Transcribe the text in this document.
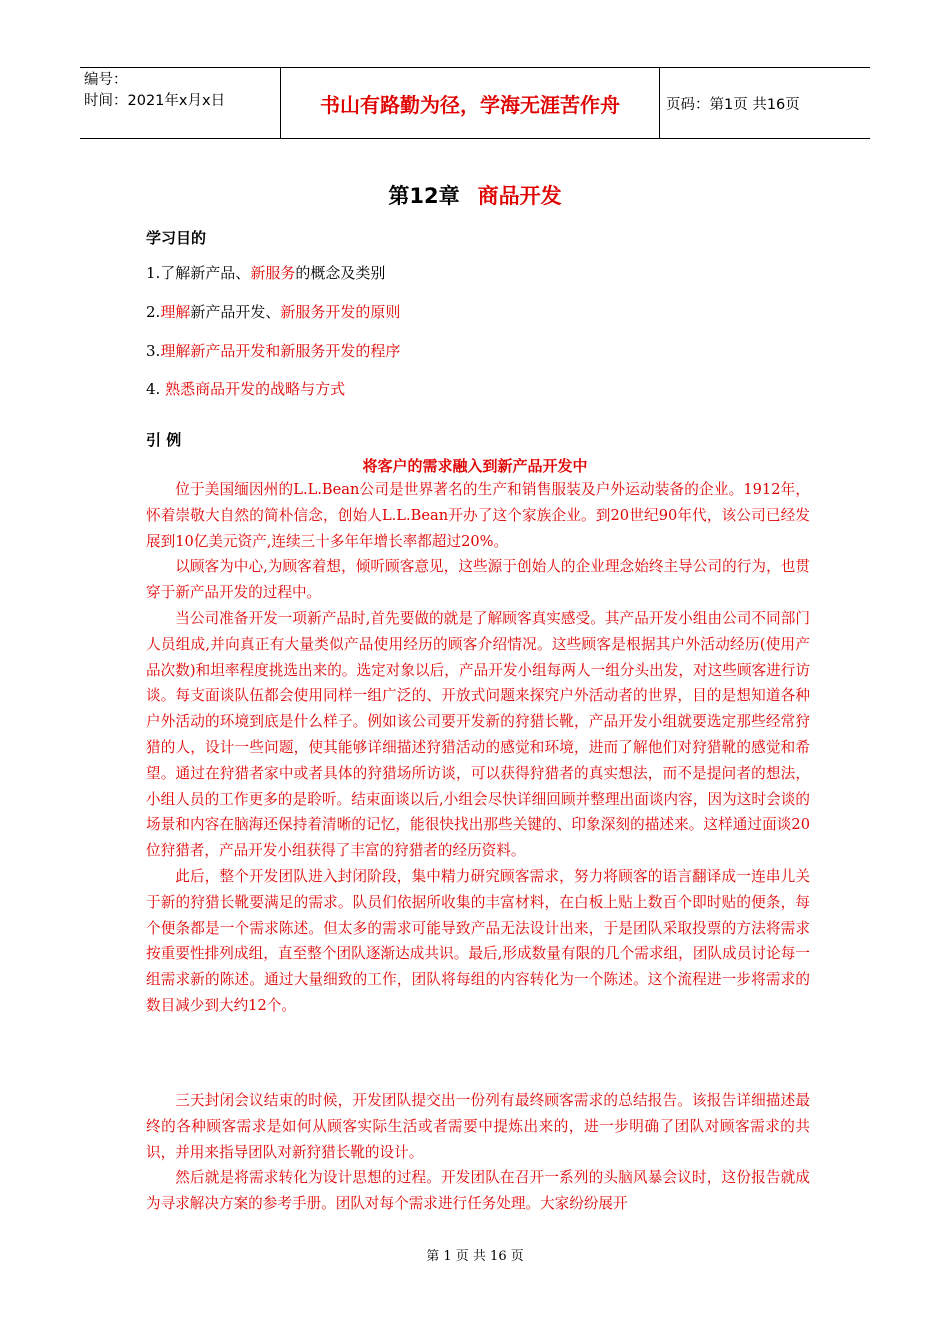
编号：
时间：2021年x月x日	书山有路勤为径，学海无涯苦作舟	页码：第1页 共16页
第12章 商品开发
学习目的
1.了解新产品、新服务的概念及类别
2.理解新产品开发、新服务开发的原则
3.理解新产品开发和新服务开发的程序
4. 熟悉商品开发的战略与方式
引 例
将客户的需求融入到新产品开发中

位于美国缅因州的L.L.Bean公司是世界著名的生产和销售服装及户外运动装备的企业。1912年，怀着崇敬大自然的简朴信念，创始人L.L.Bean开办了这个家族企业。到20世纪90年代，该公司已经发展到10亿美元资产,连续三十多年年增长率都超过20%。

以顾客为中心,为顾客着想，倾听顾客意见，这些源于创始人的企业理念始终主导公司的行为，也贯穿于新产品开发的过程中。

当公司准备开发一项新产品时,首先要做的就是了解顾客真实感受。其产品开发小组由公司不同部门人员组成,并向真正有大量类似产品使用经历的顾客介绍情况。这些顾客是根据其户外活动经历(使用产品次数)和坦率程度挑选出来的。选定对象以后，产品开发小组每两人一组分头出发，对这些顾客进行访谈。每支面谈队伍都会使用同样一组广泛的、开放式问题来探究户外活动者的世界，目的是想知道各种户外活动的环境到底是什么样子。例如该公司要开发新的狩猎长靴，产品开发小组就要选定那些经常狩猎的人，设计一些问题，使其能够详细描述狩猎活动的感觉和环境，进而了解他们对狩猎靴的感觉和希望。通过在狩猎者家中或者具体的狩猎场所访谈，可以获得狩猎者的真实想法，而不是提问者的想法，小组人员的工作更多的是聆听。结束面谈以后,小组会尽快详细回顾并整理出面谈内容，因为这时会谈的场景和内容在脑海还保持着清晰的记忆，能很快找出那些关键的、印象深刻的描述来。这样通过面谈20位狩猎者，产品开发小组获得了丰富的狩猎者的经历资料。

此后，整个开发团队进入封闭阶段，集中精力研究顾客需求，努力将顾客的语言翻译成一连串儿关于新的狩猎长靴要满足的需求。队员们依据所收集的丰富材料，在白板上贴上数百个即时贴的便条，每个便条都是一个需求陈述。但太多的需求可能导致产品无法设计出来，于是团队采取投票的方法将需求按重要性排列成组，直至整个团队逐渐达成共识。最后,形成数量有限的几个需求组，团队成员讨论每一组需求新的陈述。通过大量细致的工作，团队将每组的内容转化为一个陈述。这个流程进一步将需求的数目减少到大约12个。

三天封闭会议结束的时候，开发团队提交出一份列有最终顾客需求的总结报告。该报告详细描述最终的各种顾客需求是如何从顾客实际生活或者需要中提炼出来的，进一步明确了团队对顾客需求的共识，并用来指导团队对新狩猎长靴的设计。

然后就是将需求转化为设计思想的过程。开发团队在召开一系列的头脑风暴会议时，这份报告就成为寻求解决方案的参考手册。团队对每个需求进行任务处理。大家纷纷展开

第 1 页 共 16 页
